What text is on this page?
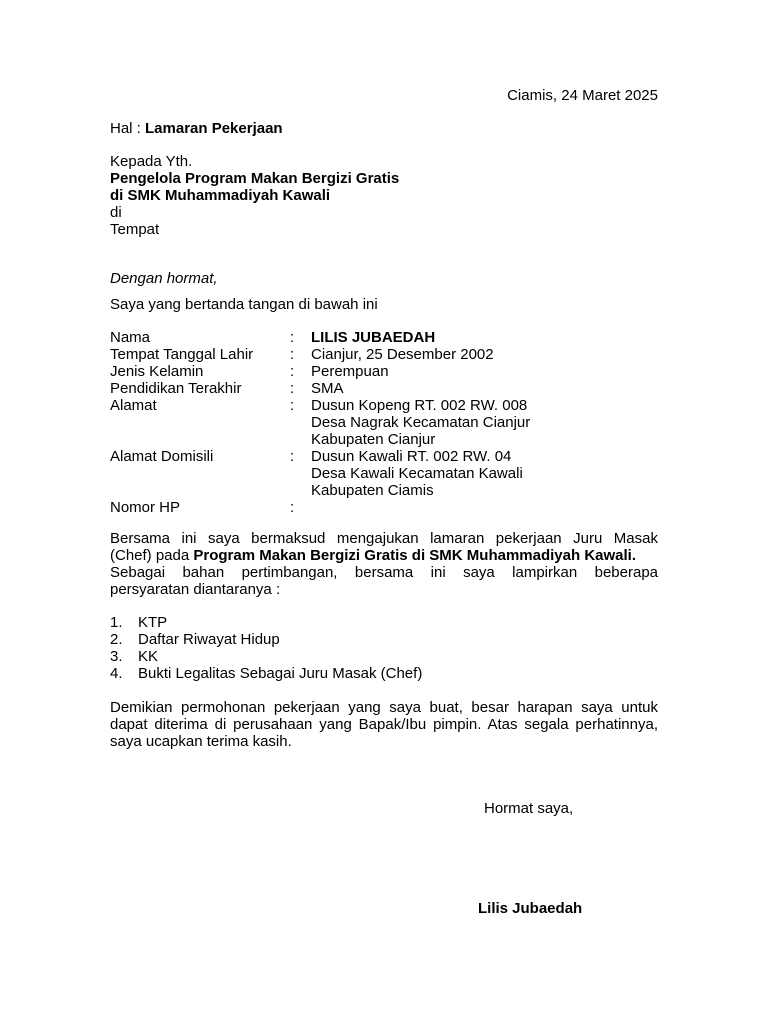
Ciamis, 24 Maret 2025

Hal : Lamaran Pekerjaan

Kepada Yth.
Pengelola Program Makan Bergizi Gratis
di SMK Muhammadiyah Kawali
di
Tempat

Dengan hormat,

Saya yang bertanda tangan di bawah ini

Nama	:	LILIS JUBAEDAH
Tempat Tanggal Lahir	:	Cianjur, 25 Desember 2002
Jenis Kelamin	:	Perempuan
Pendidikan Terakhir	:	SMA
Alamat	:	Dusun Kopeng RT. 002 RW. 008
Desa Nagrak Kecamatan Cianjur
Kabupaten Cianjur
Alamat Domisili	:	Dusun Kawali RT. 002 RW. 04
Desa Kawali Kecamatan Kawali
Kabupaten Ciamis
Nomor HP	:

Bersama ini saya bermaksud mengajukan lamaran pekerjaan Juru Masak
(Chef) pada Program Makan Bergizi Gratis di SMK Muhammadiyah Kawali.
Sebagai bahan pertimbangan, bersama ini saya lampirkan beberapa
persyaratan diantaranya :

1.	KTP
2.	Daftar Riwayat Hidup
3.	KK
4.	Bukti Legalitas Sebagai Juru Masak (Chef)

Demikian permohonan pekerjaan yang saya buat, besar harapan saya untuk
dapat diterima di perusahaan yang Bapak/Ibu pimpin. Atas segala perhatinnya,
saya ucapkan terima kasih.

Hormat saya,
Lilis Jubaedah
